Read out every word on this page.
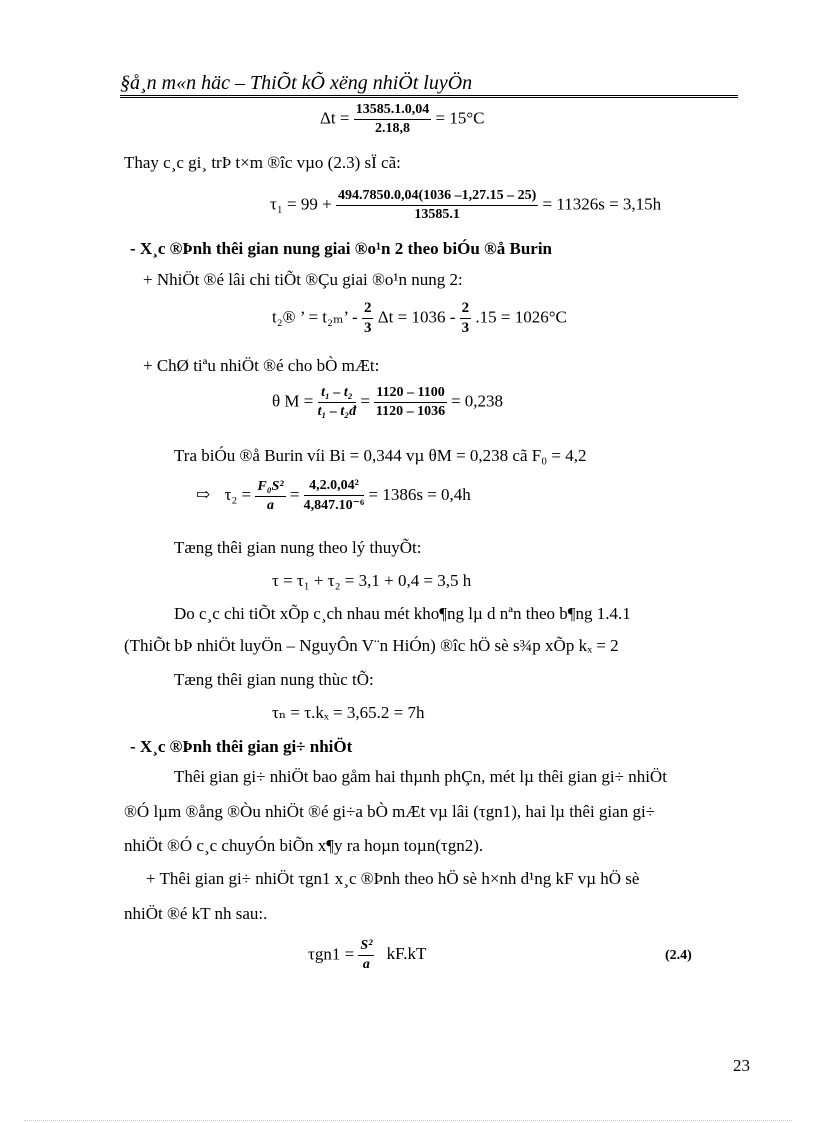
§å¸n m«n häc – ThiÕt kÕ xëng nhiÖt luyÖn
$\Delta t = \frac{13585.1.0,04}{2.18,8} = 15^\circ C$
Thay c¸c gi¸ trÞ t×m ®îc vµo (2.3) sÏ cã:
$\tau_1 = 99 + \frac{494.7850.0,04(1036 -1,27.15 - 25)}{13585.1} = 11326s = 3,15h$
- X¸c ®Þnh thêi gian nung giai ®o¹n 2 theo biÓu ®å Burin
+ NhiÖt ®é lâi chi tiÕt ®Çu giai ®o¹n nung 2:
t₂® ’ = t₂ₘ’ - $\frac{2}{3}$ $\Delta t = 1036 - \frac{2}{3} .15 = 1026^\circ C$
+ ChØ tiªu nhiÖt ®é cho bÒ mÆt:
θ $M = \frac{\text{t₁ – t₂}}{\text{t₁ – t₂đ}} = \frac{1120 - 1100}{1120 - 1036} = 0,238$
Tra biÓu ®å Burin víi Bi = 0,344 vµ θM = 0,238 cã F₀ = 4,2
⇨ $\tau_2 = \frac{\text{F₀S²}}{a} = \frac{\text{4,2.0,04²}}{\text{4,847.10⁻⁶}} = 1386s = 0,4h$
Tæng thêi gian nung theo lý thuyÕt:
τ = τ₁ + τ₂ = 3,1 + 0,4 = 3,5 h
Do c¸c chi tiÕt xÕp c¸ch nhau mét kho¶ng lµ d nªn theo b¶ng 1.4.1
(ThiÕt bÞ nhiÖt luyÖn – NguyÔn V¨n HiÓn) ®îc hÖ sè s¾p xÕp kₓ = 2
Tæng thêi gian nung thùc tÕ:
τₙ = τ.kₓ = 3,65.2 = 7h
- X¸c ®Þnh thêi gian gi÷ nhiÖt
Thêi gian gi÷ nhiÖt bao gåm hai thµnh phÇn, mét lµ thêi gian gi÷ nhiÖt
®Ó lµm ®ång ®Òu nhiÖt ®é gi÷a bÒ mÆt vµ lâi (τgn1), hai lµ thêi gian gi÷
nhiÖt ®Ó c¸c chuyÓn biÕn x¶y ra hoµn toµn(τgn2).
+ Thêi gian gi÷ nhiÖt τgn1 x¸c ®Þnh theo hÖ sè h×nh d¹ng kF vµ hÖ sè
nhiÖt ®é kT nh sau:.
$\tau gn1 = \frac{\text{S²}}{a} kF.kT$	(2.4)
23
